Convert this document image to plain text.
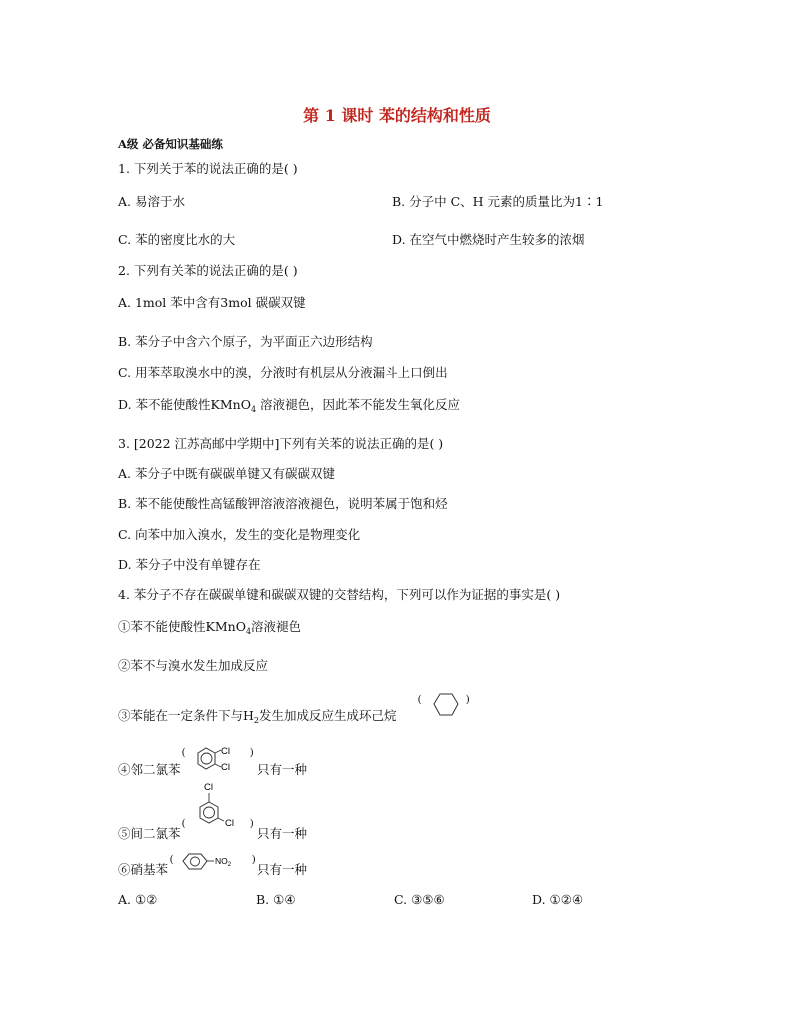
第 1 课时 苯的结构和性质
A级 必备知识基础练
1. 下列关于苯的说法正确的是( )
A. 易溶于水	B. 分子中 C、H 元素的质量比为1∶1
C. 苯的密度比水的大	D. 在空气中燃烧时产生较多的浓烟
2. 下列有关苯的说法正确的是( )
A. 1mol 苯中含有3mol 碳碳双键
B. 苯分子中含六个原子，为平面正六边形结构
C. 用苯萃取溴水中的溴，分液时有机层从分液漏斗上口倒出
D. 苯不能使酸性KMnO$_4$ 溶液褪色，因此苯不能发生氧化反应
3. [2022 江苏高邮中学期中]下列有关苯的说法正确的是( )
A. 苯分子中既有碳碳单键又有碳碳双键
B. 苯不能使酸性高锰酸钾溶液溶液褪色，说明苯属于饱和烃
C. 向苯中加入溴水，发生的变化是物理变化
D. 苯分子中没有单键存在
4. 苯分子不存在碳碳单键和碳碳双键的交替结构，下列可以作为证据的事实是( )
①苯不能使酸性KMnO$_4$溶液褪色
②苯不与溴水发生加成反应
③苯能在一定条件下与$H_2$发生加成反应生成环己烷
(	)
④邻二氯苯
(	Cl
Cl
)
只有一种
⑤间二氯苯
Cl
(	Cl )
只有一种
⑥硝基苯
(	$NO_2$ )
只有一种
A. ①②	B. ①④	C. ③⑤⑥	D. ①②④
